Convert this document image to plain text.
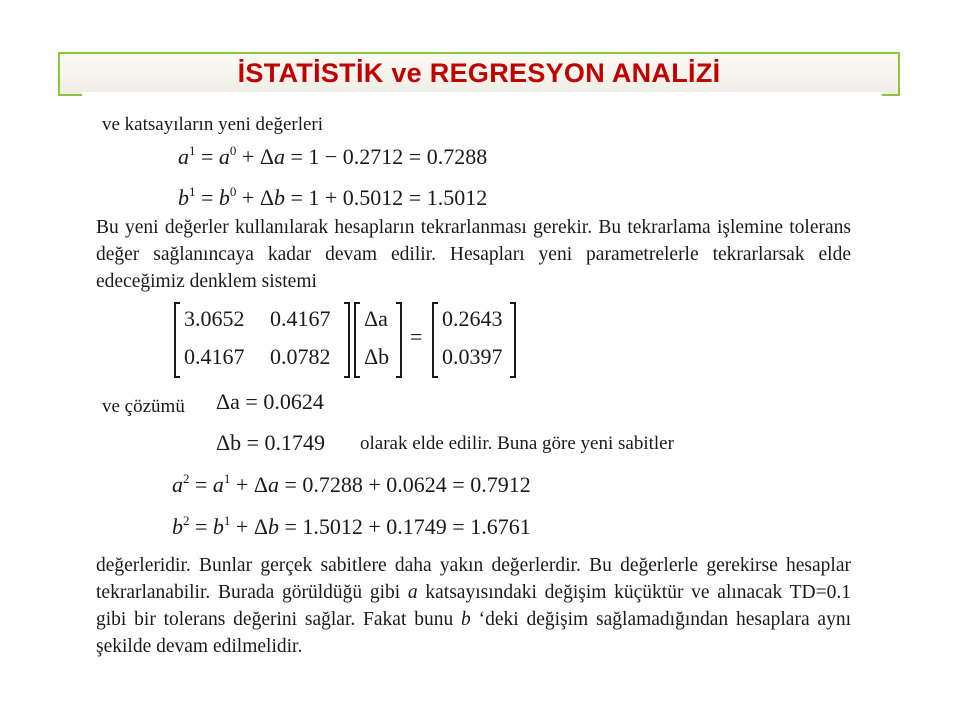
İSTATİSTİK ve REGRESYON ANALİZİ
ve katsayıların yeni değerleri
$a^1 = a^0 + \Delta a = 1 - 0.2712 = 0.7288$
$b^1 = b^0 + \Delta b = 1 + 0.5012 = 1.5012$
Bu yeni değerler kullanılarak hesapların tekrarlanması gerekir. Bu tekrarlama işlemine tolerans değer sağlanıncaya kadar devam edilir. Hesapları yeni parametrelerle tekrarlarsak elde edeceğimiz denklem sistemi
3.0652 0.4167
0.4167 0.0782
Δa
Δb
=
0.2643
0.0397
ve çözümü Δa = 0.0624
Δb = 0.1749 olarak elde edilir. Buna göre yeni sabitler
$a^2 = a^1 + \Delta a = 0.7288 + 0.0624 = 0.7912$
$b^2 = b^1 + \Delta b = 1.5012 + 0.1749 = 1.6761$
değerleridir. Bunlar gerçek sabitlere daha yakın değerlerdir. Bu değerlerle gerekirse hesaplar tekrarlanabilir. Burada görüldüğü gibi a katsayısındaki değişim küçüktür ve alınacak TD=0.1 gibi bir tolerans değerini sağlar. Fakat bunu b ‘deki değişim sağlamadığından hesaplara aynı şekilde devam edilmelidir.
